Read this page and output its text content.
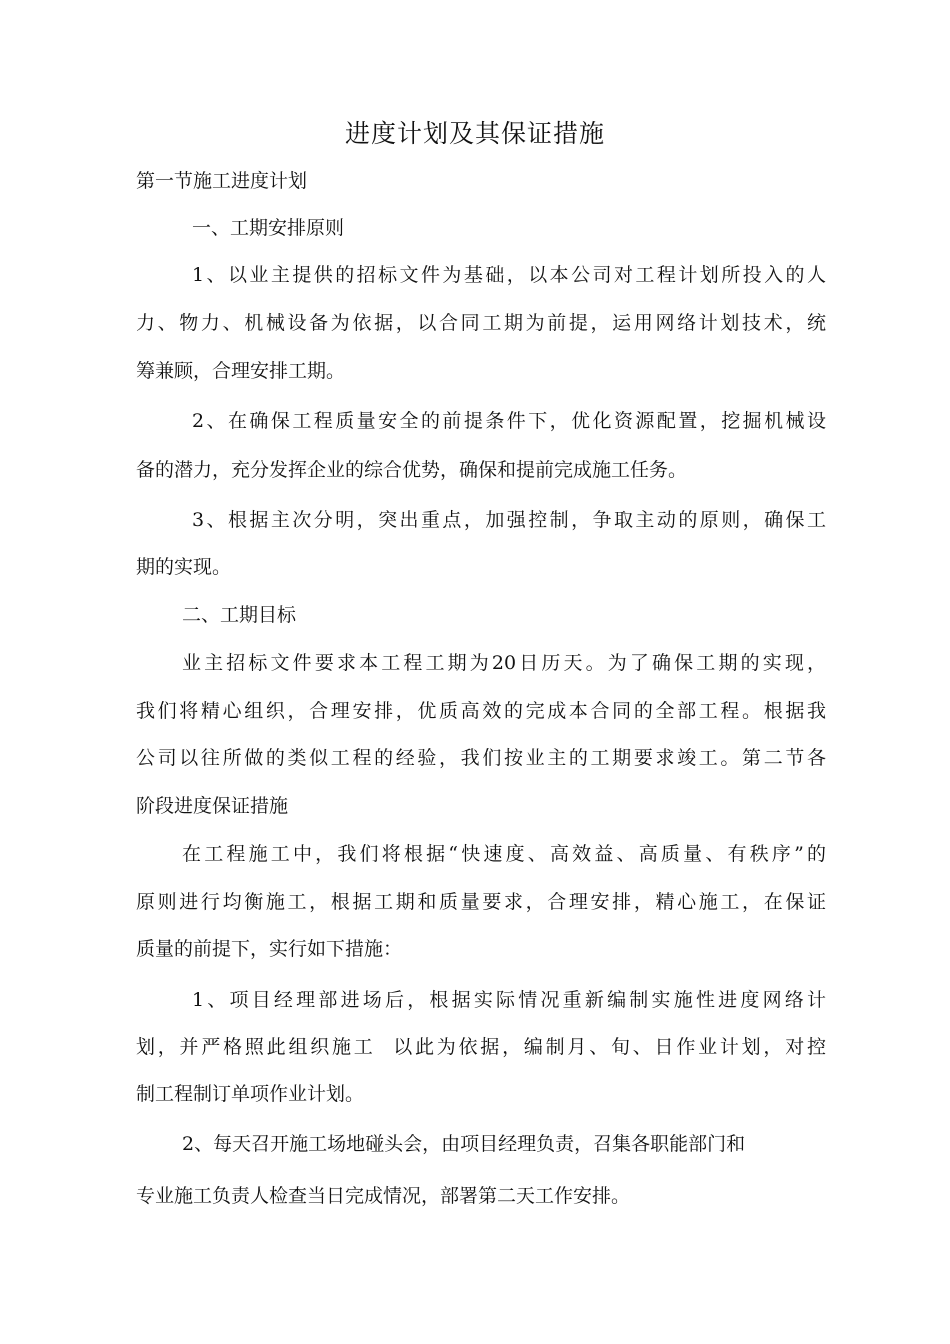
进度计划及其保证措施
第一节施工进度计划
一、工期安排原则
1、以业主提供的招标文件为基础，以本公司对工程计划所投入的人
力、物力、机械设备为依据，以合同工期为前提，运用网络计划技术，统
筹兼顾，合理安排工期。
2、在确保工程质量安全的前提条件下，优化资源配置，挖掘机械设
备的潜力，充分发挥企业的综合优势，确保和提前完成施工任务。
3、根据主次分明，突出重点，加强控制，争取主动的原则，确保工
期的实现。
二、工期目标
业主招标文件要求本工程工期为20日历天。为了确保工期的实现，
我们将精心组织，合理安排，优质高效的完成本合同的全部工程。根据我
公司以往所做的类似工程的经验，我们按业主的工期要求竣工。第二节各
阶段进度保证措施
在工程施工中，我们将根据“快速度、高效益、高质量、有秩序”的
原则进行均衡施工，根据工期和质量要求，合理安排，精心施工，在保证
质量的前提下，实行如下措施：
1、项目经理部进场后，根据实际情况重新编制实施性进度网络计
划，并严格照此组织施工  以此为依据，编制月、旬、日作业计划，对控
制工程制订单项作业计划。
2、每天召开施工场地碰头会，由项目经理负责，召集各职能部门和
专业施工负责人检查当日完成情况，部署第二天工作安排。
